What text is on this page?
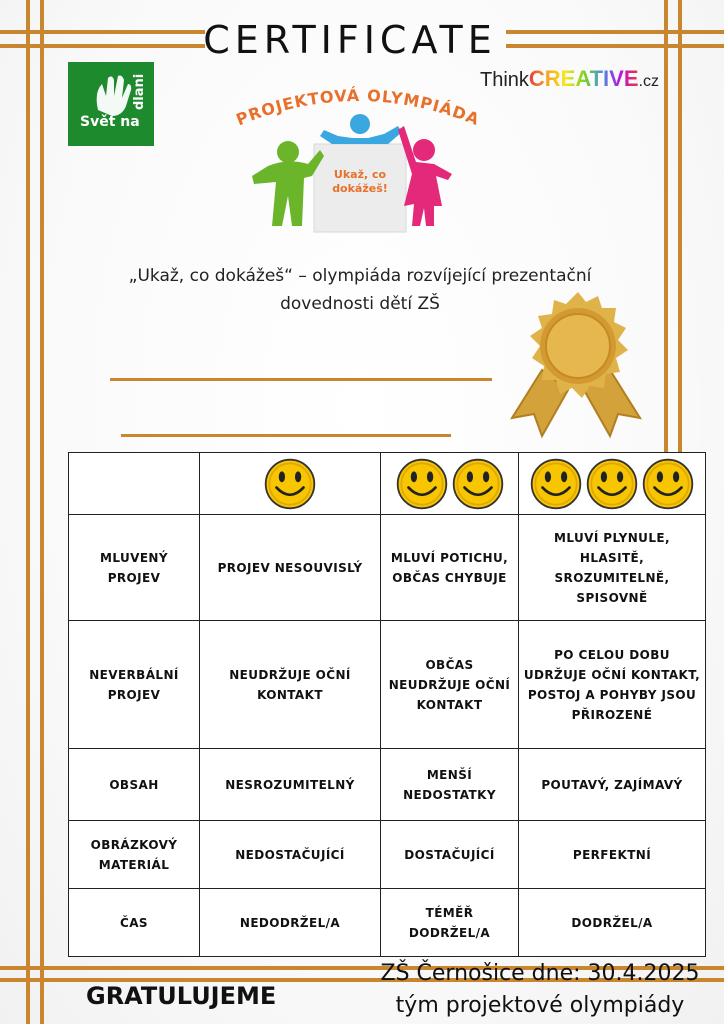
CERTIFICATE
Svět na
dlani	ThinkCREATIVE.cz
PROJEKTOVÁ OLYMPIÁDA
Ukaž, co
dokážeš!
„Ukaž, co dokážeš“ – olympiáda rozvíjející prezentační
dovednosti dětí ZŠ

MLUVENÝ PROJEV	PROJEV NESOUVISLÝ	MLUVÍ POTICHU, OBČAS CHYBUJE	MLUVÍ PLYNULE, HLASITĚ, SROZUMITELNĚ, SPISOVNĚ
NEVERBÁLNÍ PROJEV	NEUDRŽUJE OČNÍ KONTAKT	OBČAS NEUDRŽUJE OČNÍ KONTAKT	PO CELOU DOBU UDRŽUJE OČNÍ KONTAKT, POSTOJ A POHYBY JSOU PŘIROZENÉ
OBSAH	NESROZUMITELNÝ	MENŠÍ NEDOSTATKY	POUTAVÝ, ZAJÍMAVÝ
OBRÁZKOVÝ MATERIÁL	NEDOSTAČUJÍCÍ	DOSTAČUJÍCÍ	PERFEKTNÍ
ČAS	NEDODRŽEL/A	TÉMĚŘ DODRŽEL/A	DODRŽEL/A
GRATULUJEME
ZŠ Černošice dne: 30.4.2025
tým projektové olympiády
